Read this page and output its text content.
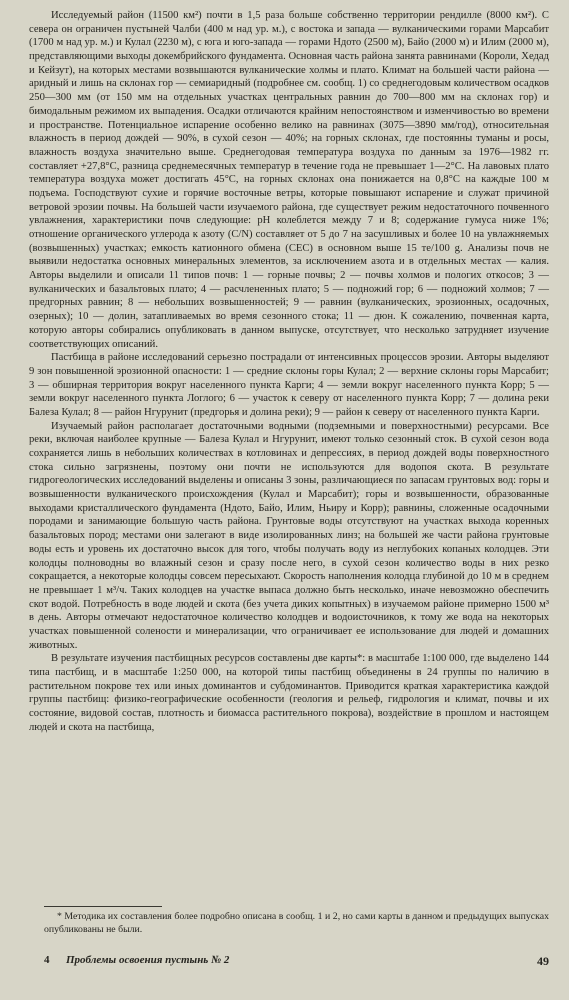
Исследуемый район (11500 км²) почти в 1,5 раза больше собственно территории рендилле (8000 км²). С севера он ограничен пустыней Чалби (400 м над ур. м.), с востока и запада — вулканическими горами Марсабит (1700 м над ур. м.) и Кулал (2230 м), с юга и юго-запада — горами Ндото (2500 м), Байо (2000 м) и Илим (2000 м), представляющими выходы докембрийского фундамента. Основная часть района занята равнинами (Короли, Хедад и Кейзут), на которых местами возвышаются вулканические холмы и плато. Климат на большей части района — аридный и лишь на склонах гор — семиаридный (подробнее см. сообщ. 1) со среднегодовым количеством осадков 250—300 мм (от 150 мм на отдельных участках центральных равнин до 700—800 мм на склонах гор) и бимодальным режимом их выпадения. Осадки отличаются крайним непостоянством и изменчивостью во времени и пространстве. Потенциальное испарение особенно велико на равнинах (3075—3890 мм/год), относительная влажность в период дождей — 90%, в сухой сезон — 40%; на горных склонах, где постоянны туманы и росы, влажность воздуха значительно выше. Среднегодовая температура воздуха по данным за 1976—1982 гг. составляет +27,8°С, разница среднемесячных температур в течение года не превышает 1—2°С. На лавовых плато температура воздуха может достигать 45°С, на горных склонах она понижается на 0,8°С на каждые 100 м подъема. Господствуют сухие и горячие восточные ветры, которые повышают испарение и служат причиной ветровой эрозии почвы. На большей части изучаемого района, где существует режим недостаточного почвенного увлажнения, характеристики почв следующие: pH колеблется между 7 и 8; содержание гумуса ниже 1%; отношение органического углерода к азоту (C/N) составляет от 5 до 7 на засушливых и более 10 на увлажняемых (возвышенных) участках; емкость катионного обмена (CEC) в основном выше 15 те/100 g. Анализы почв не выявили недостатка основных минеральных элементов, за исключением азота и в отдельных местах — калия. Авторы выделили и описали 11 типов почв: 1 — горные почвы; 2 — почвы холмов и пологих откосов; 3 — вулканических и базальтовых плато; 4 — расчлененных плато; 5 — подножий гор; 6 — подножий холмов; 7 — предгорных равнин; 8 — небольших возвышенностей; 9 — равнин (вулканических, эрозионных, осадочных, озерных); 10 — долин, затапливаемых во время сезонного стока; 11 — дюн. К сожалению, почвенная карта, которую авторы собирались опубликовать в данном выпуске, отсутствует, что несколько затрудняет изучение соответствующих описаний.

Пастбища в районе исследований серьезно пострадали от интенсивных процессов эрозии. Авторы выделяют 9 зон повышенной эрозионной опасности: 1 — средние склоны горы Кулал; 2 — верхние склоны горы Марсабит; 3 — обширная территория вокруг населенного пункта Карги; 4 — земли вокруг населенного пункта Корр; 5 — земли вокруг населенного пункта Логлого; 6 — участок к северу от населенного пункта Корр; 7 — долина реки Балеза Кулал; 8 — район Нгурунит (предгорья и долина реки); 9 — район к северу от населенного пункта Карги.

Изучаемый район располагает достаточными водными (подземными и поверхностными) ресурсами. Все реки, включая наиболее крупные — Балеза Кулал и Нгурунит, имеют только сезонный сток. В сухой сезон вода сохраняется лишь в небольших количествах в котловинах и депрессиях, в период дождей воды поверхностного стока сильно загрязнены, поэтому они почти не используются для водопоя скота. В результате гидрогеологических исследований выделены и описаны 3 зоны, различающиеся по запасам грунтовых вод: горы и возвышенности вулканического происхождения (Кулал и Марсабит); горы и возвышенности, образованные выходами кристаллического фундамента (Ндото, Байо, Илим, Ньиру и Корр); равнины, сложенные осадочными породами и занимающие большую часть района. Грунтовые воды отсутствуют на участках выхода коренных базальтовых пород; местами они залегают в виде изолированных линз; на большей же части района грунтовые воды есть и уровень их достаточно высок для того, чтобы получать воду из неглубоких копаных колодцев. Эти колодцы полноводны во влажный сезон и сразу после него, в сухой сезон количество воды в них резко сокращается, а некоторые колодцы совсем пересыхают. Скорость наполнения колодца глубиной до 10 м в среднем не превышает 1 м³/ч. Таких колодцев на участке выпаса должно быть несколько, иначе невозможно обеспечить скот водой. Потребность в воде людей и скота (без учета диких копытных) в изучаемом районе примерно 1500 м³ в день. Авторы отмечают недостаточное количество колодцев и водоисточников, к тому же вода на некоторых участках повышенной солености и минерализации, что ограничивает ее использование для людей и домашних животных.

В результате изучения пастбищных ресурсов составлены две карты*: в масштабе 1:100 000, где выделено 144 типа пастбищ, и в масштабе 1:250 000, на которой типы пастбищ объединены в 24 группы по наличию в растительном покрове тех или иных доминантов и субдоминантов. Приводится краткая характеристика каждой группы пастбищ: физико-географические особенности (геология и рельеф, гидрология и климат, почвы и их состояние, видовой состав, плотность и биомасса растительного покрова), воздействие в прошлом и настоящем людей и скота на пастбища,

* Методика их составления более подробно описана в сообщ. 1 и 2, но сами карты в данном и предыдущих выпусках опубликованы не были.

4 Проблемы освоения пустынь № 2	49
